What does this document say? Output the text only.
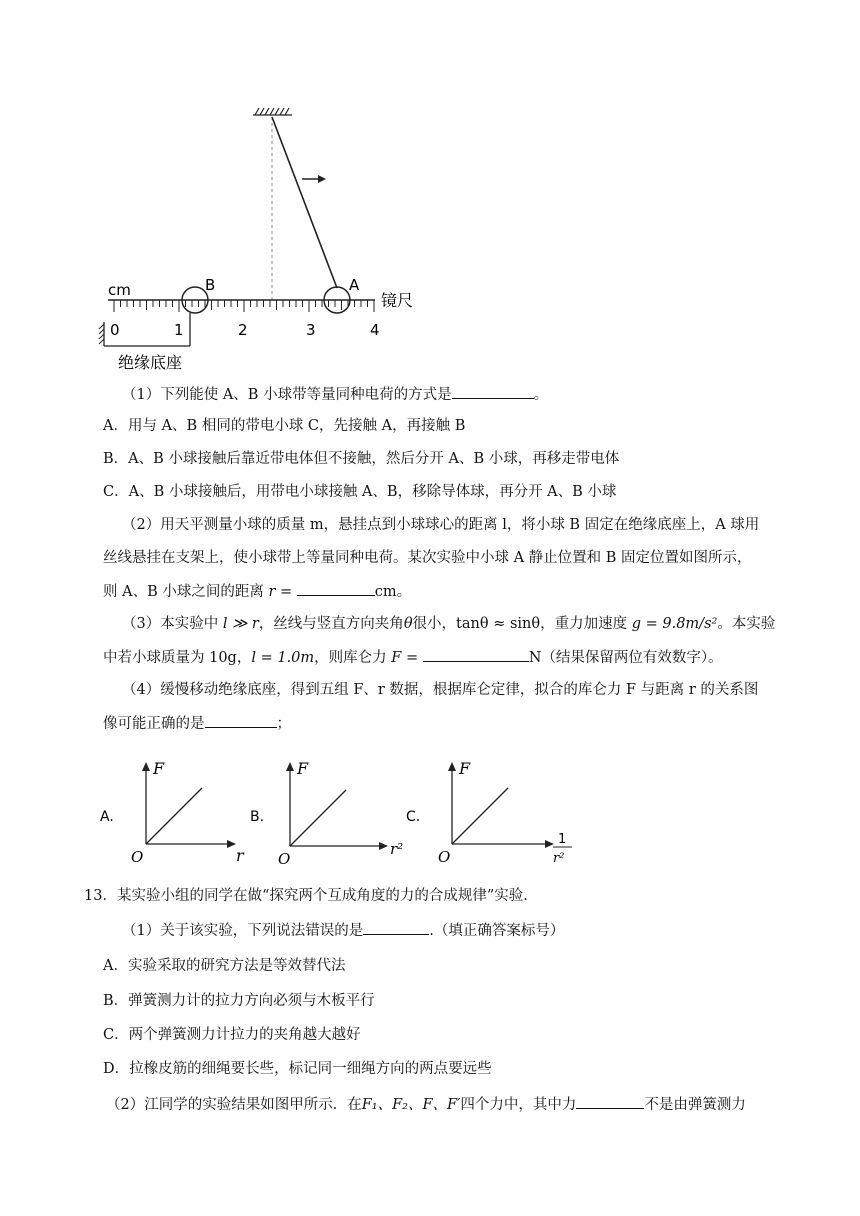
cm	B	A
镜尺
0	1	2	3	4
绝缘底座
（1）下列能使 A、B 小球带等量同种电荷的方式是	。
A．用与 A、B 相同的带电小球 C，先接触 A，再接触 B
B．A、B 小球接触后靠近带电体但不接触，然后分开 A、B 小球，再移走带电体
C．A、B 小球接触后，用带电小球接触 A、B，移除导体球，再分开 A、B 小球
（2）用天平测量小球的质量 m，悬挂点到小球球心的距离 l，将小球 B 固定在绝缘底座上，A 球用
丝线悬挂在支架上，使小球带上等量同种电荷。某次实验中小球 A 静止位置和 B 固定位置如图所示，
则 A、B 小球之间的距离 r =	cm。
（3）本实验中 l ≫ r，丝线与竖直方向夹角θ很小，tanθ ≈ sinθ，重力加速度 g = 9.8m/s²。本实验
中若小球质量为 10g，l = 1.0m，则库仑力 F =	N（结果保留两位有效数字）。
（4）缓慢移动绝缘底座，得到五组 F、r 数据，根据库仑定律，拟合的库仑力 F 与距离 r 的关系图
像可能正确的是	；
A.
F
O	r
B.
F
O
r²
C.
F
O
1
r²
13．某实验小组的同学在做“探究两个互成角度的力的合成规律”实验.
（1）关于该实验，下列说法错误的是	.（填正确答案标号）
A．实验采取的研究方法是等效替代法
B．弹簧测力计的拉力方向必须与木板平行
C．两个弹簧测力计拉力的夹角越大越好
D．拉橡皮筋的细绳要长些，标记同一细绳方向的两点要远些
（2）江同学的实验结果如图甲所示．在F₁、F₂、F、F′四个力中，其中力	不是由弹簧测力
